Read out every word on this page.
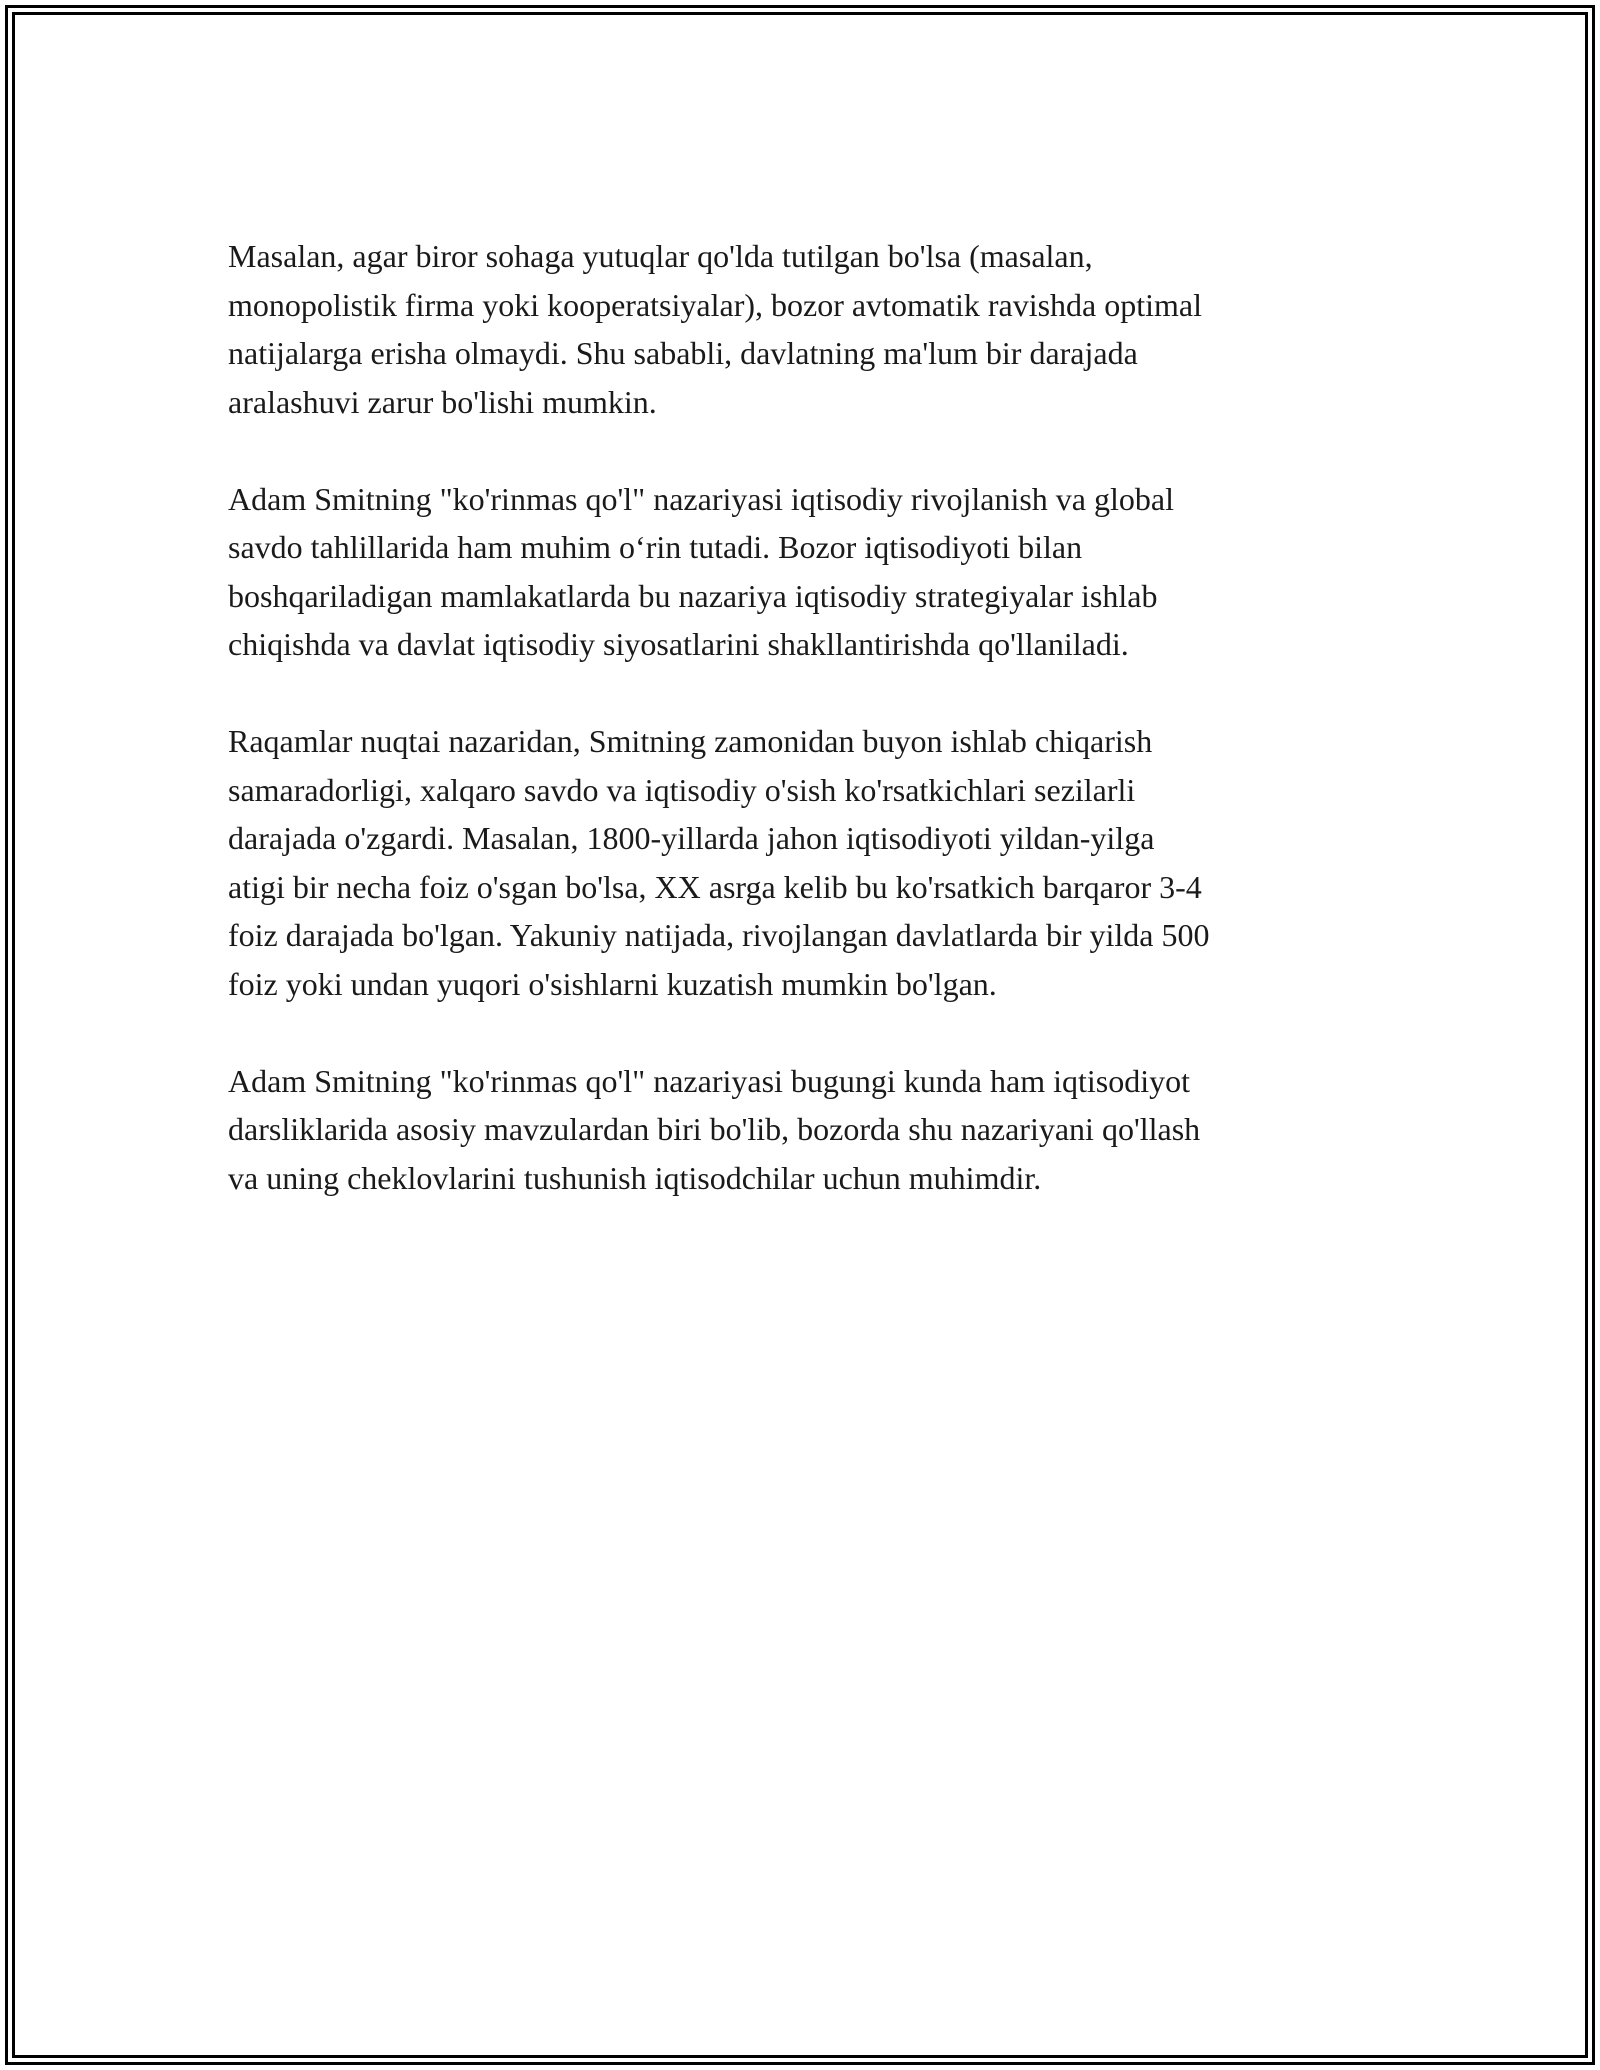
Masalan, agar biror sohaga yutuqlar qo'lda tutilgan bo'lsa (masalan,
monopolistik firma yoki kooperatsiyalar), bozor avtomatik ravishda optimal
natijalarga erisha olmaydi. Shu sababli, davlatning ma'lum bir darajada
aralashuvi zarur bo'lishi mumkin.

Adam Smitning "ko'rinmas qo'l" nazariyasi iqtisodiy rivojlanish va global
savdo tahlillarida ham muhim o‘rin tutadi. Bozor iqtisodiyoti bilan
boshqariladigan mamlakatlarda bu nazariya iqtisodiy strategiyalar ishlab
chiqishda va davlat iqtisodiy siyosatlarini shakllantirishda qo'llaniladi.

Raqamlar nuqtai nazaridan, Smitning zamonidan buyon ishlab chiqarish
samaradorligi, xalqaro savdo va iqtisodiy o'sish ko'rsatkichlari sezilarli
darajada o'zgardi. Masalan, 1800-yillarda jahon iqtisodiyoti yildan-yilga
atigi bir necha foiz o'sgan bo'lsa, XX asrga kelib bu ko'rsatkich barqaror 3-4
foiz darajada bo'lgan. Yakuniy natijada, rivojlangan davlatlarda bir yilda 500
foiz yoki undan yuqori o'sishlarni kuzatish mumkin bo'lgan.

Adam Smitning "ko'rinmas qo'l" nazariyasi bugungi kunda ham iqtisodiyot
darsliklarida asosiy mavzulardan biri bo'lib, bozorda shu nazariyani qo'llash
va uning cheklovlarini tushunish iqtisodchilar uchun muhimdir.
